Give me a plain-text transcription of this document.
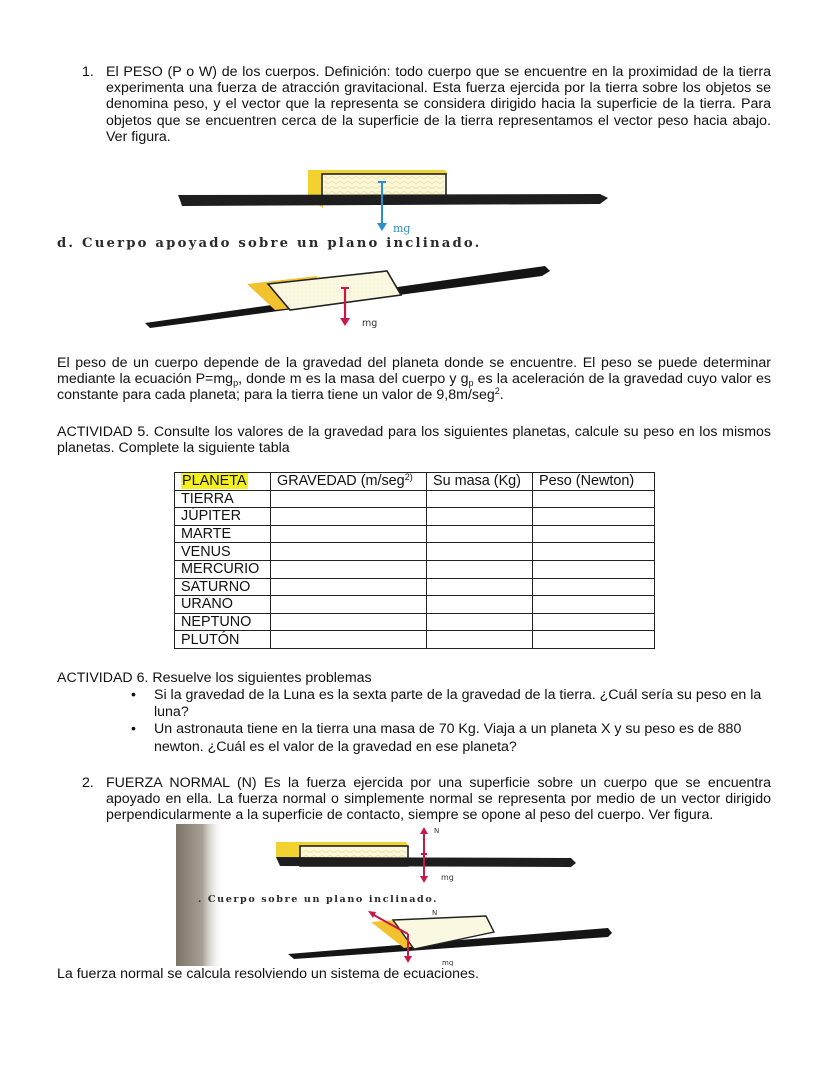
1. El PESO (P o W) de los cuerpos. Definición: todo cuerpo que se encuentre en la proximidad de la tierra experimenta una fuerza de atracción gravitacional. Esta fuerza ejercida por la tierra sobre los objetos se denomina peso, y el vector que la representa se considera dirigido hacia la superficie de la tierra. Para objetos que se encuentren cerca de la superficie de la tierra representamos el vector peso hacia abajo. Ver figura.

mg
d. Cuerpo apoyado sobre un plano inclinado.
mg

El peso de un cuerpo depende de la gravedad del planeta donde se encuentre. El peso se puede determinar mediante la ecuación $P=mg_p$, donde m es la masa del cuerpo y $g_p$ es la aceleración de la gravedad cuyo valor es constante para cada planeta; para la tierra tiene un valor de 9,8m/seg$^2$.

ACTIVIDAD 5. Consulte los valores de la gravedad para los siguientes planetas, calcule su peso en los mismos planetas. Complete la siguiente tabla

PLANETA	GRAVEDAD (m/seg$^{2)}$	Su masa (Kg)	Peso (Newton)
TIERRA			
JÚPITER			
MARTE			
VENUS			
MERCURIO			
SATURNO			
URANO			
NEPTUNO			
PLUTÓN			
ACTIVIDAD 6. Resuelve los siguientes problemas
• Si la gravedad de la Luna es la sexta parte de la gravedad de la tierra. ¿Cuál sería su peso en la luna?
• Un astronauta tiene en la tierra una masa de 70 Kg. Viaja a un planeta X y su peso es de 880 newton. ¿Cuál es el valor de la gravedad en ese planeta?
2. FUERZA NORMAL (N) Es la fuerza ejercida por una superficie sobre un cuerpo que se encuentra apoyado en ella. La fuerza normal o simplemente normal se representa por medio de un vector dirigido perpendicularmente a la superficie de contacto, siempre se opone al peso del cuerpo. Ver figura.

N
mg
. Cuerpo sobre un plano inclinado.
N
mg

La fuerza normal se calcula resolviendo un sistema de ecuaciones.
